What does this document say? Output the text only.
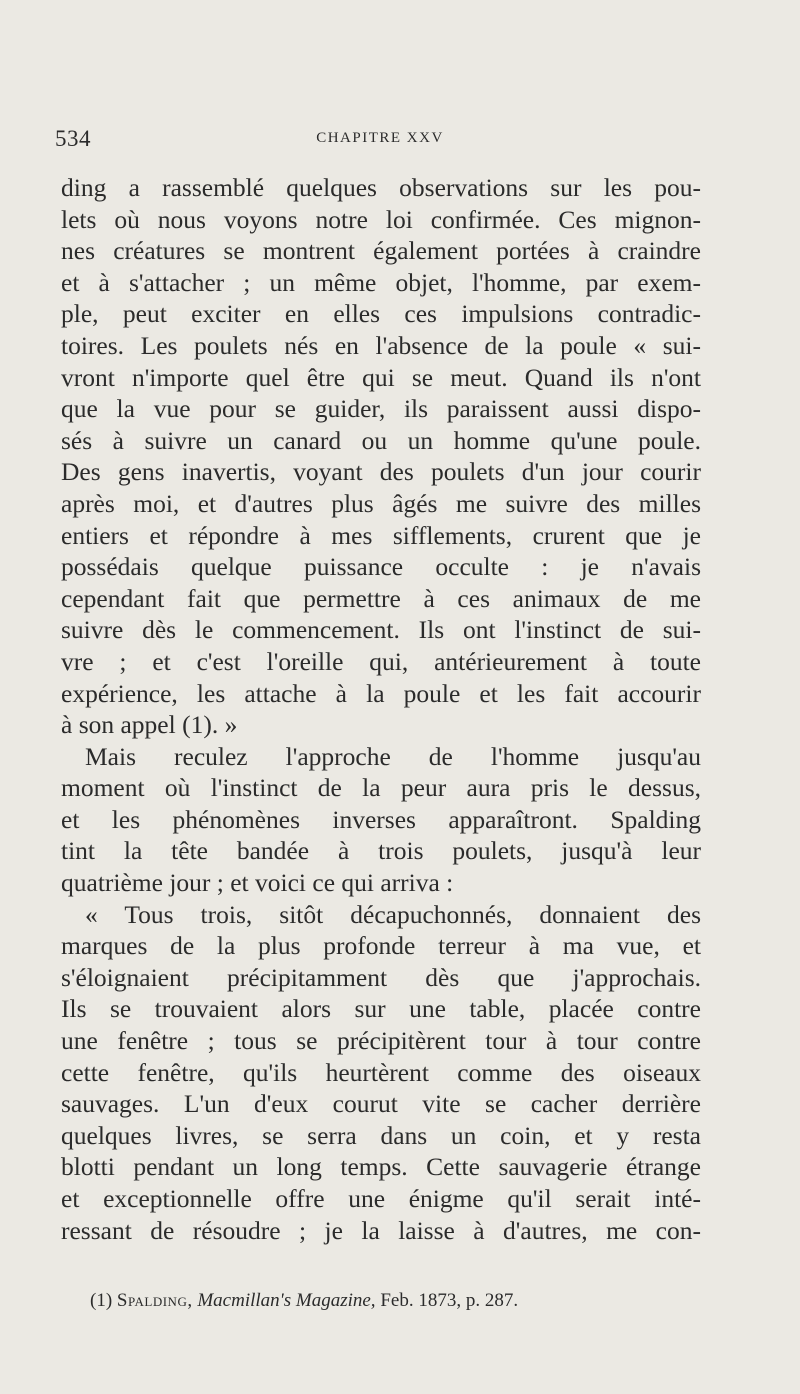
534	CHAPITRE XXV
ding a rassemblé quelques observations sur les pou-
lets où nous voyons notre loi confirmée. Ces mignon-
nes créatures se montrent également portées à craindre
et à s'attacher ; un même objet, l'homme, par exem-
ple, peut exciter en elles ces impulsions contradic-
toires. Les poulets nés en l'absence de la poule « sui-
vront n'importe quel être qui se meut. Quand ils n'ont
que la vue pour se guider, ils paraissent aussi dispo-
sés à suivre un canard ou un homme qu'une poule.
Des gens inavertis, voyant des poulets d'un jour courir
après moi, et d'autres plus âgés me suivre des milles
entiers et répondre à mes sifflements, crurent que je
possédais quelque puissance occulte : je n'avais
cependant fait que permettre à ces animaux de me
suivre dès le commencement. Ils ont l'instinct de sui-
vre ; et c'est l'oreille qui, antérieurement à toute
expérience, les attache à la poule et les fait accourir
à son appel (1). »
Mais reculez l'approche de l'homme jusqu'au
moment où l'instinct de la peur aura pris le dessus,
et les phénomènes inverses apparaîtront. Spalding
tint la tête bandée à trois poulets, jusqu'à leur
quatrième jour ; et voici ce qui arriva :
« Tous trois, sitôt décapuchonnés, donnaient des
marques de la plus profonde terreur à ma vue, et
s'éloignaient précipitamment dès que j'approchais.
Ils se trouvaient alors sur une table, placée contre
une fenêtre ; tous se précipitèrent tour à tour contre
cette fenêtre, qu'ils heurtèrent comme des oiseaux
sauvages. L'un d'eux courut vite se cacher derrière
quelques livres, se serra dans un coin, et y resta
blotti pendant un long temps. Cette sauvagerie étrange
et exceptionnelle offre une énigme qu'il serait inté-
ressant de résoudre ; je la laisse à d'autres, me con-
(1) Spalding, Macmillan's Magazine, Feb. 1873, p. 287.
